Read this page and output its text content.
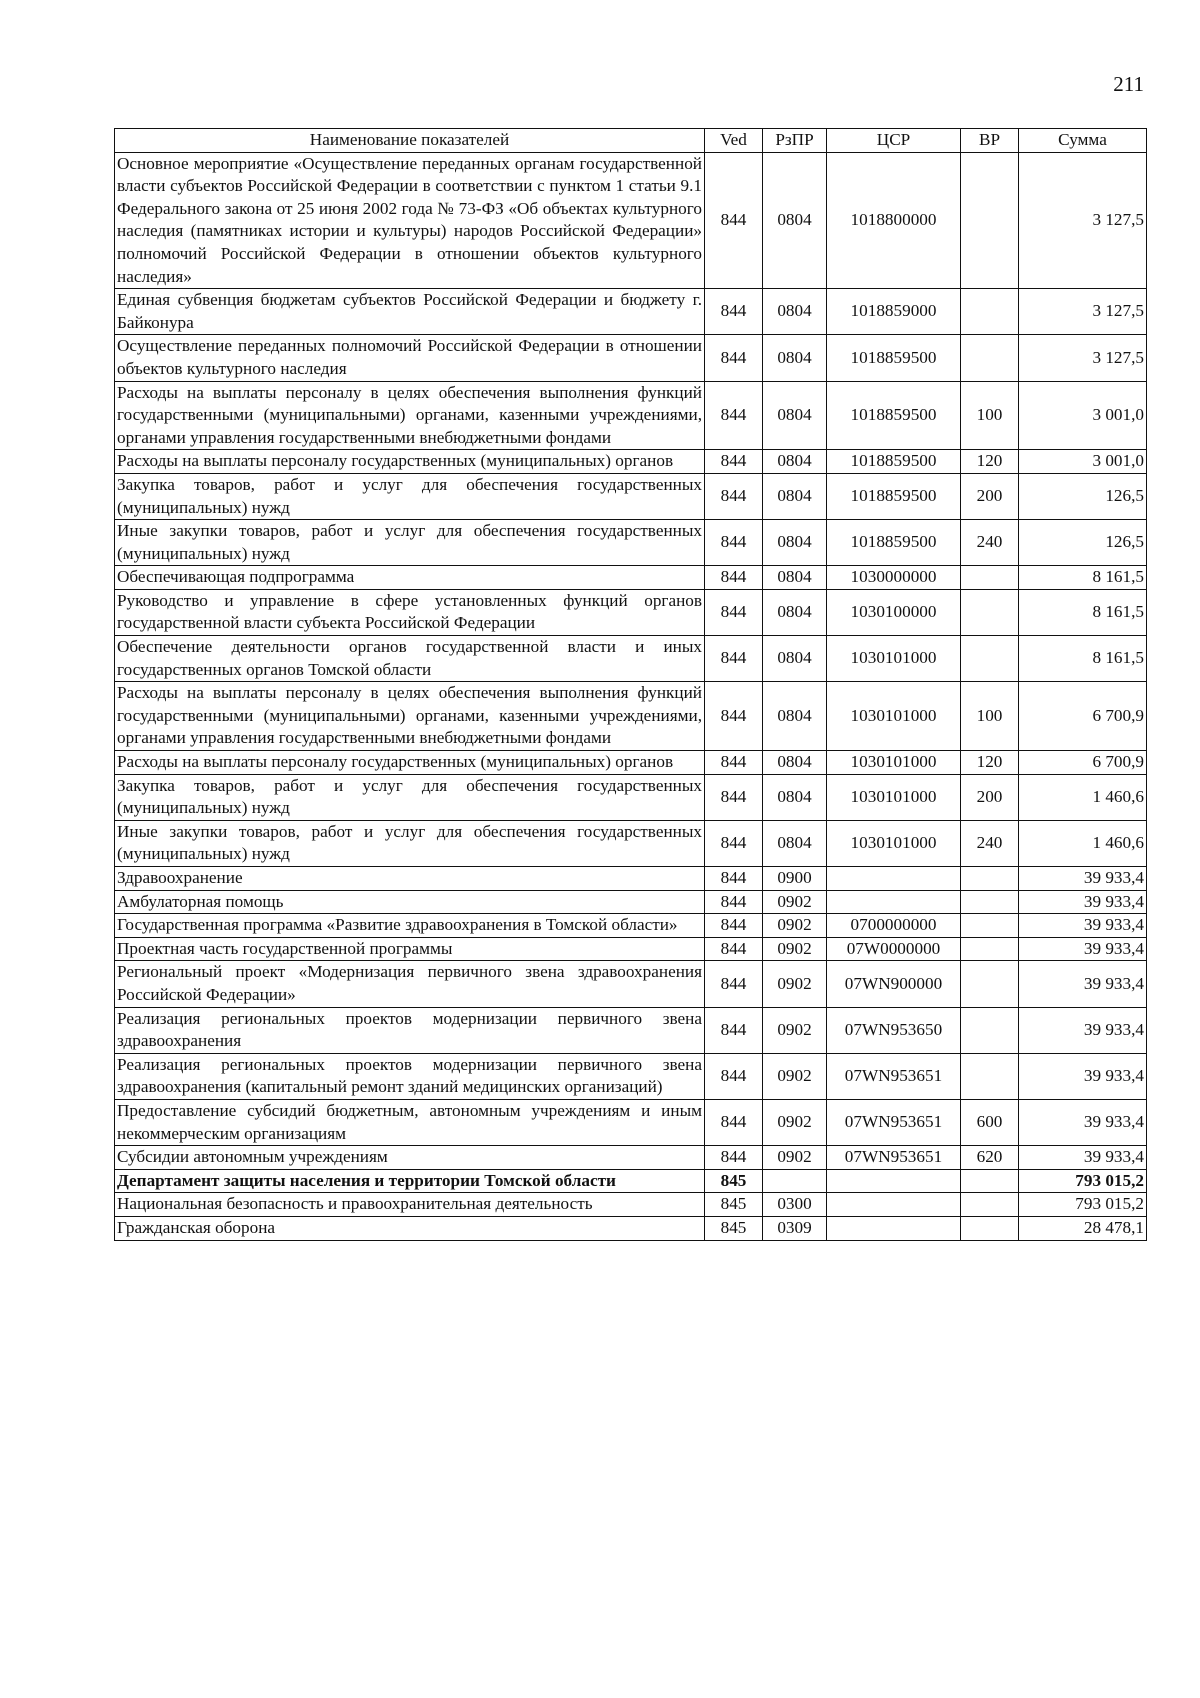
211
Наименование показателей	Ved	РзПР	ЦСР	ВР	Сумма
Основное мероприятие «Осуществление переданных органам государственной власти субъектов Российской Федерации в соответствии с пунктом 1 статьи 9.1 Федерального закона от 25 июня 2002 года № 73-ФЗ «Об объектах культурного наследия (памятниках истории и культуры) народов Российской Федерации» полномочий Российской Федерации в отношении объектов культурного наследия»	844	0804	1018800000		3 127,5
Единая субвенция бюджетам субъектов Российской Федерации и бюджету г. Байконура	844	0804	1018859000		3 127,5
Осуществление переданных полномочий Российской Федерации в отношении объектов культурного наследия	844	0804	1018859500		3 127,5
Расходы на выплаты персоналу в целях обеспечения выполнения функций государственными (муниципальными) органами, казенными учреждениями, органами управления государственными внебюджетными фондами	844	0804	1018859500	100	3 001,0
Расходы на выплаты персоналу государственных (муниципальных) органов	844	0804	1018859500	120	3 001,0
Закупка товаров, работ и услуг для обеспечения государственных (муниципальных) нужд	844	0804	1018859500	200	126,5
Иные закупки товаров, работ и услуг для обеспечения государственных (муниципальных) нужд	844	0804	1018859500	240	126,5
Обеспечивающая подпрограмма	844	0804	1030000000		8 161,5
Руководство и управление в сфере установленных функций органов государственной власти субъекта Российской Федерации	844	0804	1030100000		8 161,5
Обеспечение деятельности органов государственной власти и иных государственных органов Томской области	844	0804	1030101000		8 161,5
Расходы на выплаты персоналу в целях обеспечения выполнения функций государственными (муниципальными) органами, казенными учреждениями, органами управления государственными внебюджетными фондами	844	0804	1030101000	100	6 700,9
Расходы на выплаты персоналу государственных (муниципальных) органов	844	0804	1030101000	120	6 700,9
Закупка товаров, работ и услуг для обеспечения государственных (муниципальных) нужд	844	0804	1030101000	200	1 460,6
Иные закупки товаров, работ и услуг для обеспечения государственных (муниципальных) нужд	844	0804	1030101000	240	1 460,6
Здравоохранение	844	0900			39 933,4
Амбулаторная помощь	844	0902			39 933,4
Государственная программа «Развитие здравоохранения в Томской области»	844	0902	0700000000		39 933,4
Проектная часть государственной программы	844	0902	07W0000000		39 933,4
Региональный проект «Модернизация первичного звена здравоохранения Российской Федерации»	844	0902	07WN900000		39 933,4
Реализация региональных проектов модернизации первичного звена здравоохранения	844	0902	07WN953650		39 933,4
Реализация региональных проектов модернизации первичного звена здравоохранения (капитальный ремонт зданий медицинских организаций)	844	0902	07WN953651		39 933,4
Предоставление субсидий бюджетным, автономным учреждениям и иным некоммерческим организациям	844	0902	07WN953651	600	39 933,4
Субсидии автономным учреждениям	844	0902	07WN953651	620	39 933,4
Департамент защиты населения и территории Томской области	845				793 015,2
Национальная безопасность и правоохранительная деятельность	845	0300			793 015,2
Гражданская оборона	845	0309			28 478,1
